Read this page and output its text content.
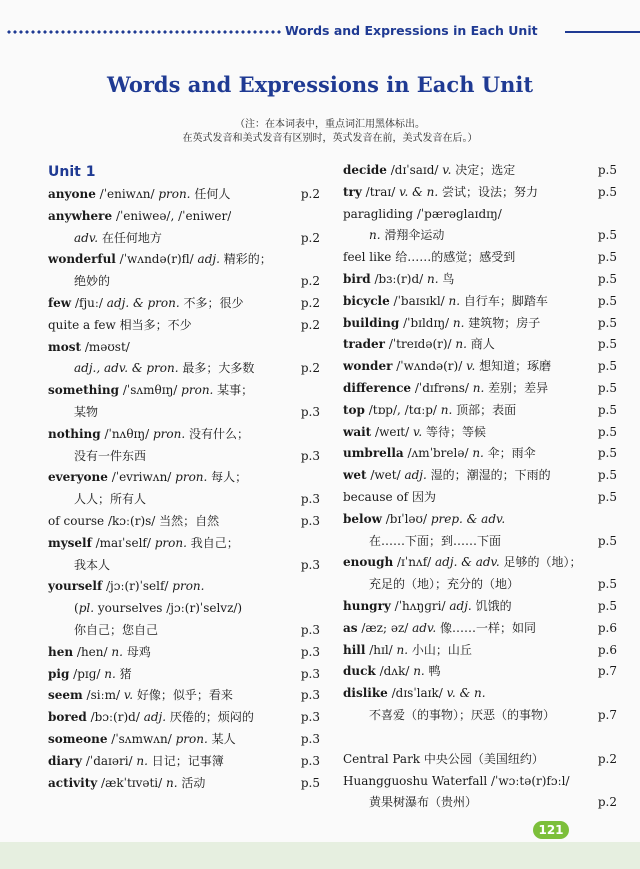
Words and Expressions in Each Unit
Words and Expressions in Each Unit
（注：在本词表中，重点词汇用黑体标出。
在英式发音和美式发音有区别时，英式发音在前，美式发音在后。）
Unit 1
anyone /ˈeniwʌn/ pron. 任何人	p.2
anywhere /ˈeniweə/, /ˈeniwer/
adv. 在任何地方	p.2
wonderful /ˈwʌndə(r)fl/ adj. 精彩的；
绝妙的	p.2
few /fjuː/ adj. & pron. 不多；很少	p.2
quite a few 相当多；不少	p.2
most /məʊst/
adj., adv. & pron. 最多；大多数	p.2
something /ˈsʌmθɪŋ/ pron. 某事；
某物	p.3
nothing /ˈnʌθɪŋ/ pron. 没有什么；
没有一件东西	p.3
everyone /ˈevriwʌn/ pron. 每人；
人人；所有人	p.3
of course /kɔː(r)s/ 当然；自然	p.3
myself /maɪˈself/ pron. 我自己；
我本人	p.3
yourself /jɔː(r)ˈself/ pron.
(pl. yourselves /jɔː(r)ˈselvz/)
你自己；您自己	p.3
hen /hen/ n. 母鸡	p.3
pig /pɪɡ/ n. 猪	p.3
seem /siːm/ v. 好像；似乎；看来	p.3
bored /bɔː(r)d/ adj. 厌倦的；烦闷的	p.3
someone /ˈsʌmwʌn/ pron. 某人	p.3
diary /ˈdaɪəri/ n. 日记；记事簿	p.3
activity /ækˈtɪvəti/ n. 活动	p.5
decide /dɪˈsaɪd/ v. 决定；选定	p.5
try /traɪ/ v. & n. 尝试；设法；努力	p.5
paragliding /ˈpærəɡlaɪdɪŋ/
n. 滑翔伞运动	p.5
feel like 给……的感觉；感受到	p.5
bird /bɜː(r)d/ n. 鸟	p.5
bicycle /ˈbaɪsɪkl/ n. 自行车；脚踏车	p.5
building /ˈbɪldɪŋ/ n. 建筑物；房子	p.5
trader /ˈtreɪdə(r)/ n. 商人	p.5
wonder /ˈwʌndə(r)/ v. 想知道；琢磨	p.5
difference /ˈdɪfrəns/ n. 差别；差异	p.5
top /tɒp/, /tɑːp/ n. 顶部；表面	p.5
wait /weɪt/ v. 等待；等候	p.5
umbrella /ʌmˈbrelə/ n. 伞；雨伞	p.5
wet /wet/ adj. 湿的；潮湿的；下雨的	p.5
because of 因为	p.5
below /bɪˈləʊ/ prep. & adv.
在……下面；到……下面	p.5
enough /ɪˈnʌf/ adj. & adv. 足够的（地）；
充足的（地）；充分的（地）	p.5
hungry /ˈhʌŋɡri/ adj. 饥饿的	p.5
as /æz; əz/ adv. 像……一样；如同	p.6
hill /hɪl/ n. 小山；山丘	p.6
duck /dʌk/ n. 鸭	p.7
dislike /dɪsˈlaɪk/ v. & n.
不喜爱（的事物）；厌恶（的事物）	p.7
Central Park 中央公园（美国纽约）	p.2
Huangguoshu Waterfall /ˈwɔːtə(r)fɔːl/
黄果树瀑布（贵州）	p.2
121
